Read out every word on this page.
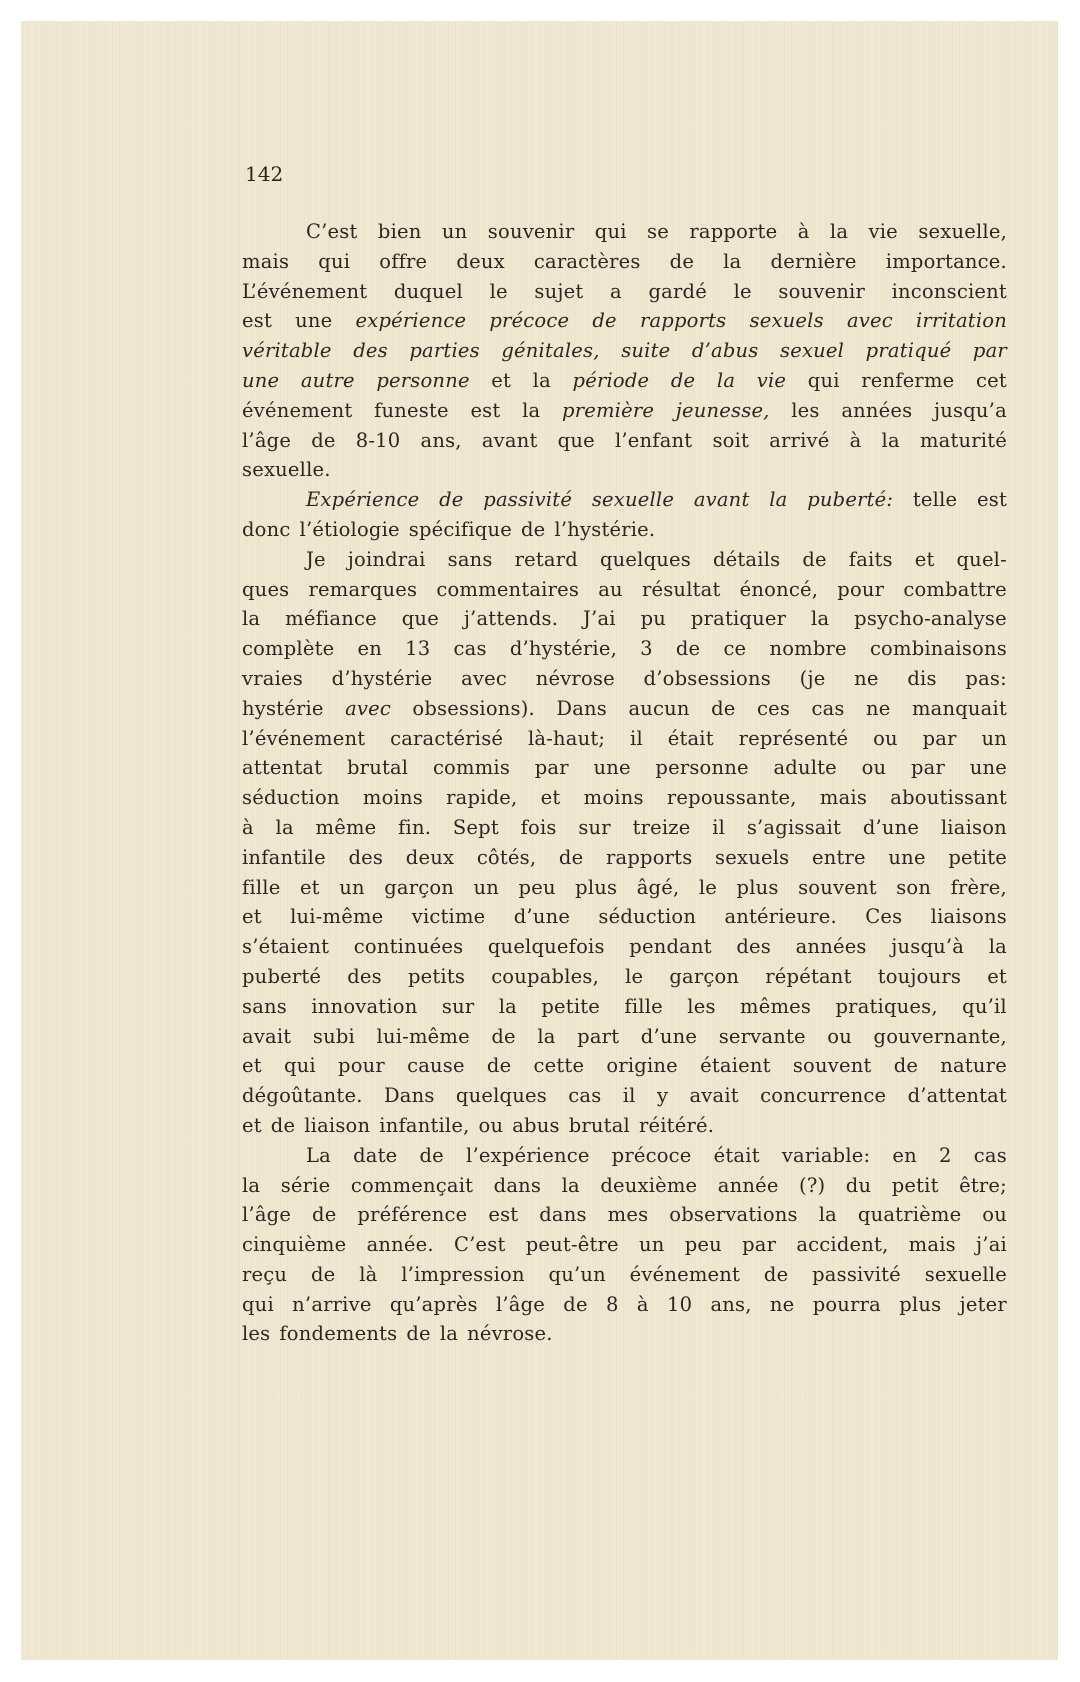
142
C’est bien un souvenir qui se rapporte à la vie sexuelle,
mais qui offre deux caractères de la dernière importance.
L’événement duquel le sujet a gardé le souvenir inconscient
est une expérience précoce de rapports sexuels avec irritation
véritable des parties génitales, suite d’abus sexuel pratiqué par
une autre personne et la période de la vie qui renferme cet
événement funeste est la première jeunesse, les années jusqu’a
l’âge de 8-10 ans, avant que l’enfant soit arrivé à la maturité
sexuelle.
Expérience de passivité sexuelle avant la puberté: telle est
donc l’étiologie spécifique de l’hystérie.
Je joindrai sans retard quelques détails de faits et quel-
ques remarques commentaires au résultat énoncé, pour combattre
la méfiance que j’attends. J’ai pu pratiquer la psycho-analyse
complète en 13 cas d’hystérie, 3 de ce nombre combinaisons
vraies d’hystérie avec névrose d’obsessions (je ne dis pas:
hystérie avec obsessions). Dans aucun de ces cas ne manquait
l’événement caractérisé là-haut; il était représenté ou par un
attentat brutal commis par une personne adulte ou par une
séduction moins rapide, et moins repoussante, mais aboutissant
à la même fin. Sept fois sur treize il s’agissait d’une liaison
infantile des deux côtés, de rapports sexuels entre une petite
fille et un garçon un peu plus âgé, le plus souvent son frère,
et lui-même victime d’une séduction antérieure. Ces liaisons
s’étaient continuées quelquefois pendant des années jusqu’à la
puberté des petits coupables, le garçon répétant toujours et
sans innovation sur la petite fille les mêmes pratiques, qu’il
avait subi lui-même de la part d’une servante ou gouvernante,
et qui pour cause de cette origine étaient souvent de nature
dégoûtante. Dans quelques cas il y avait concurrence d’attentat
et de liaison infantile, ou abus brutal réitéré.
La date de l’expérience précoce était variable: en 2 cas
la série commençait dans la deuxième année (?) du petit être;
l’âge de préférence est dans mes observations la quatrième ou
cinquième année. C’est peut-être un peu par accident, mais j’ai
reçu de là l’impression qu’un événement de passivité sexuelle
qui n’arrive qu’après l’âge de 8 à 10 ans, ne pourra plus jeter
les fondements de la névrose.
